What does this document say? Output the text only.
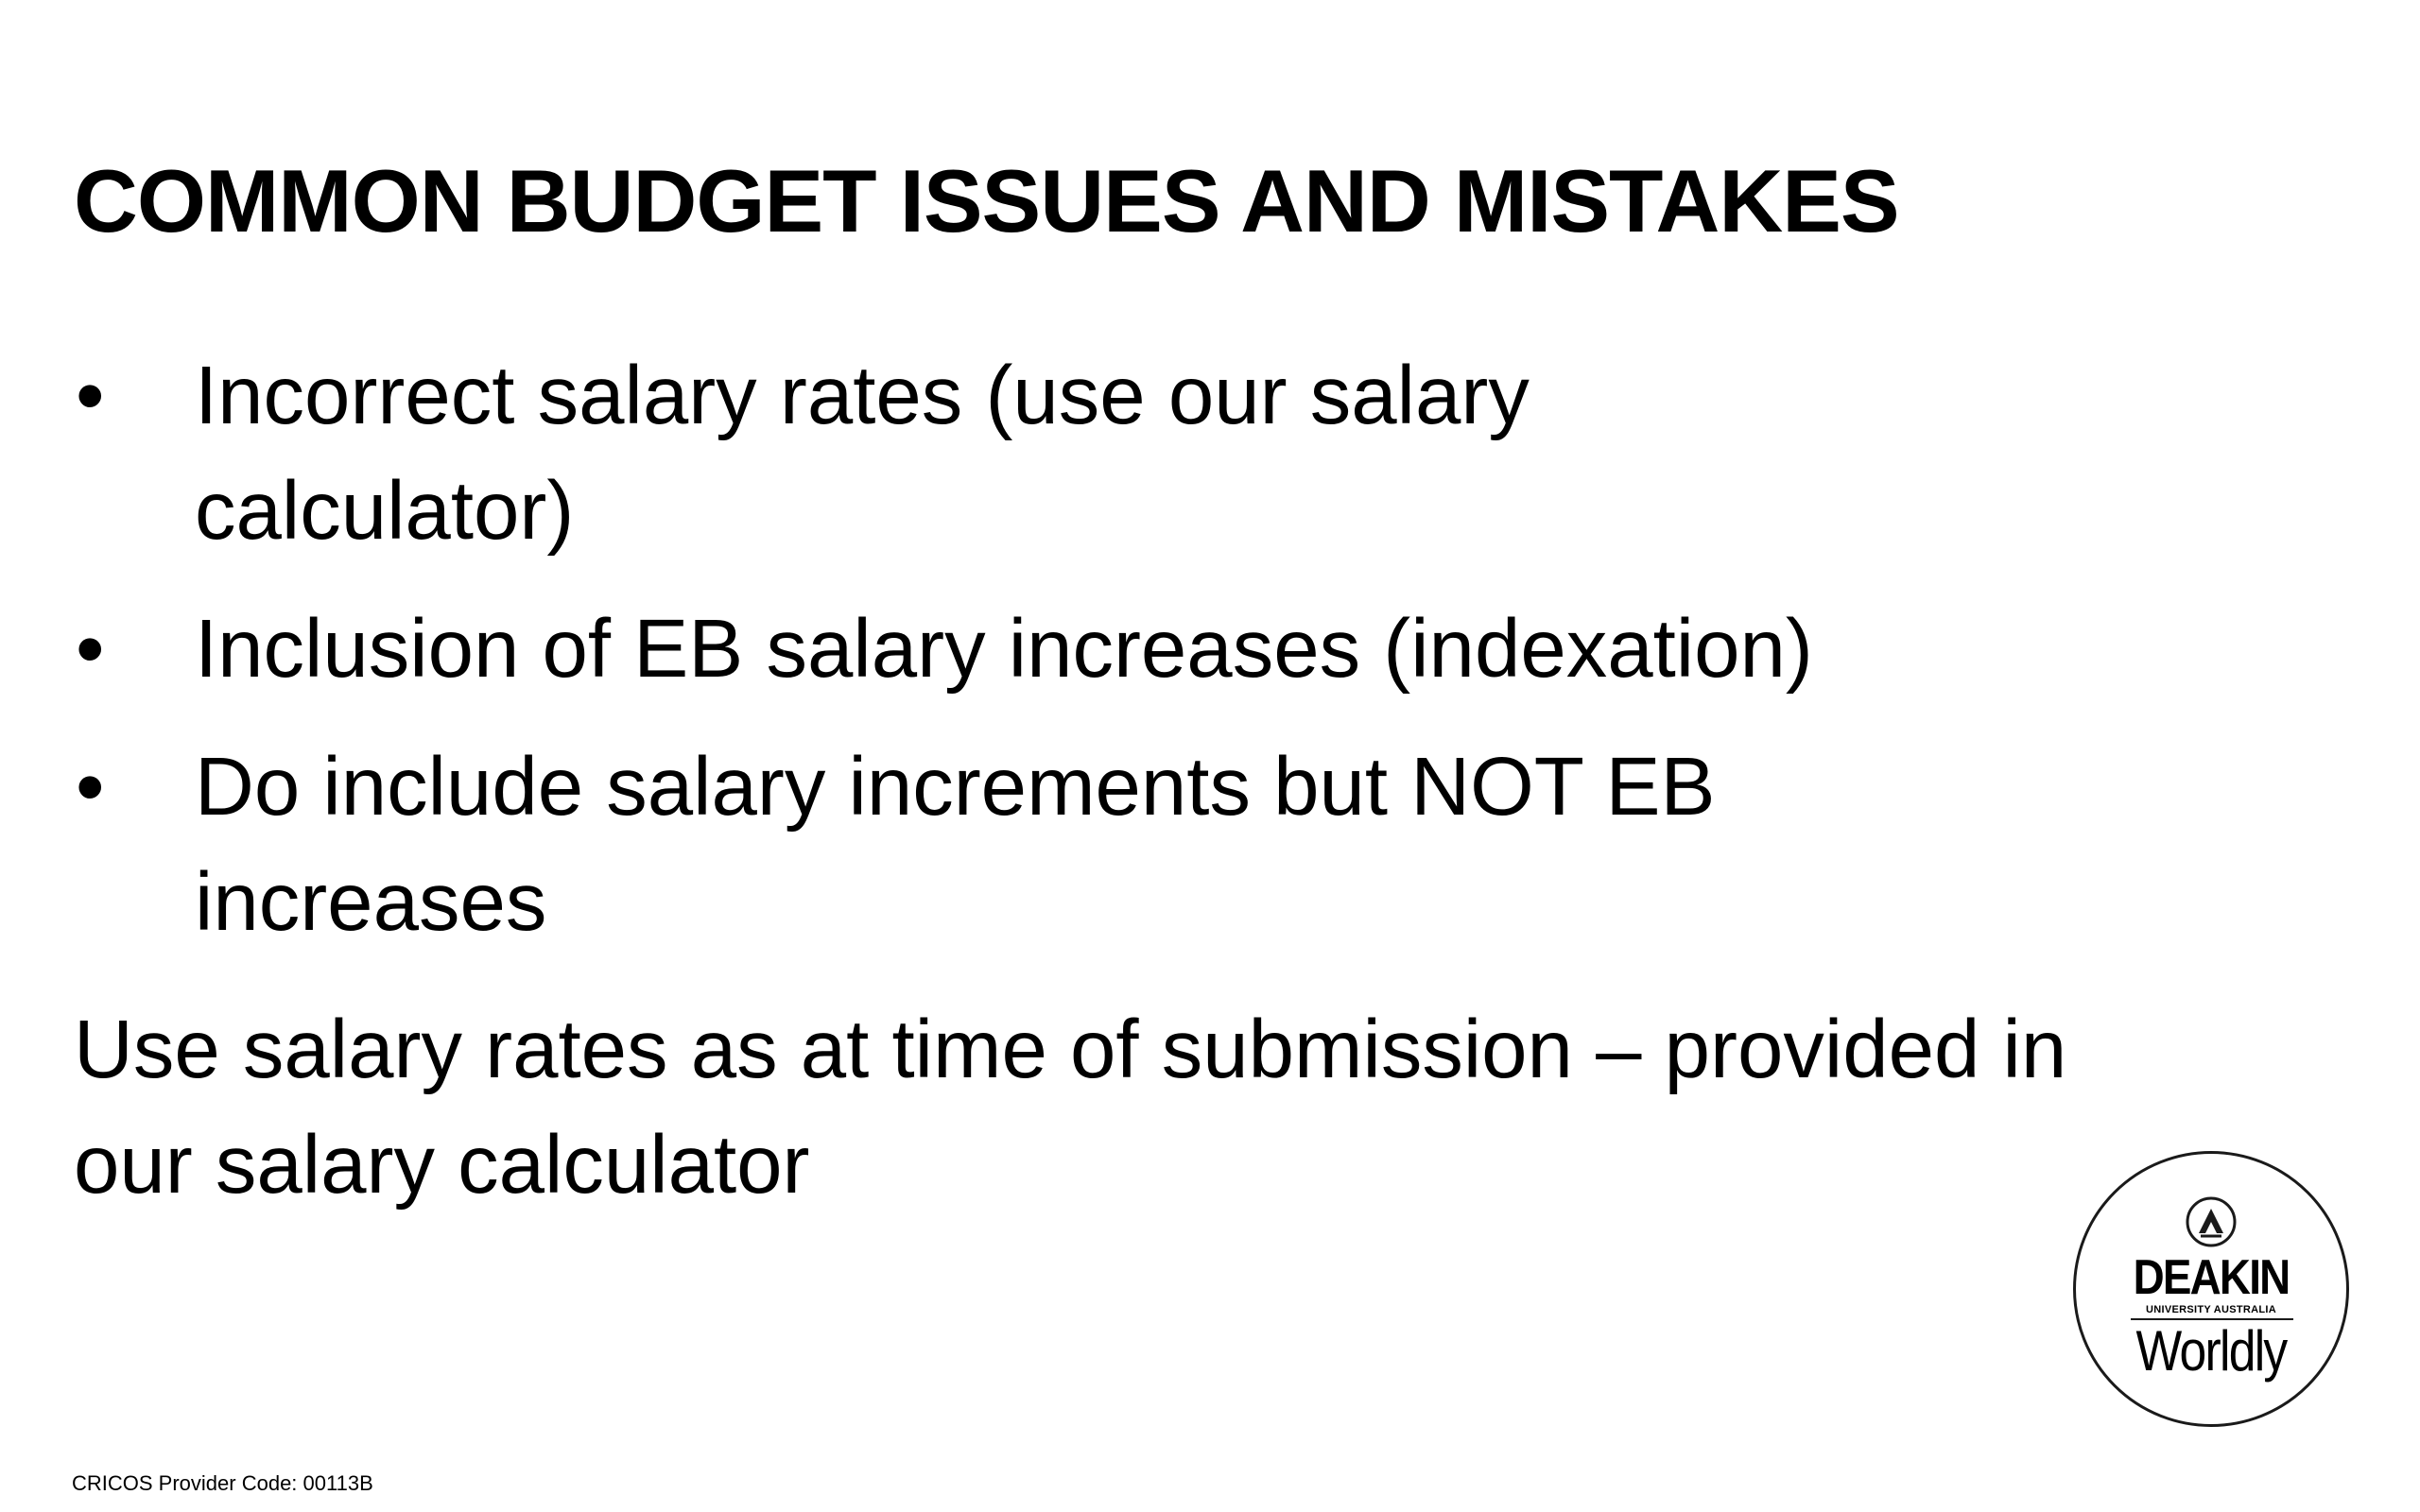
COMMON BUDGET ISSUES AND MISTAKES
• Incorrect salary rates (use our salary calculator)
• Inclusion of EB salary increases (indexation)
• Do include salary increments but NOT EB increases

Use salary rates as at time of submission – provided in our salary calculator

DEAKIN
UNIVERSITY AUSTRALIA
Worldly

CRICOS Provider Code: 00113B
